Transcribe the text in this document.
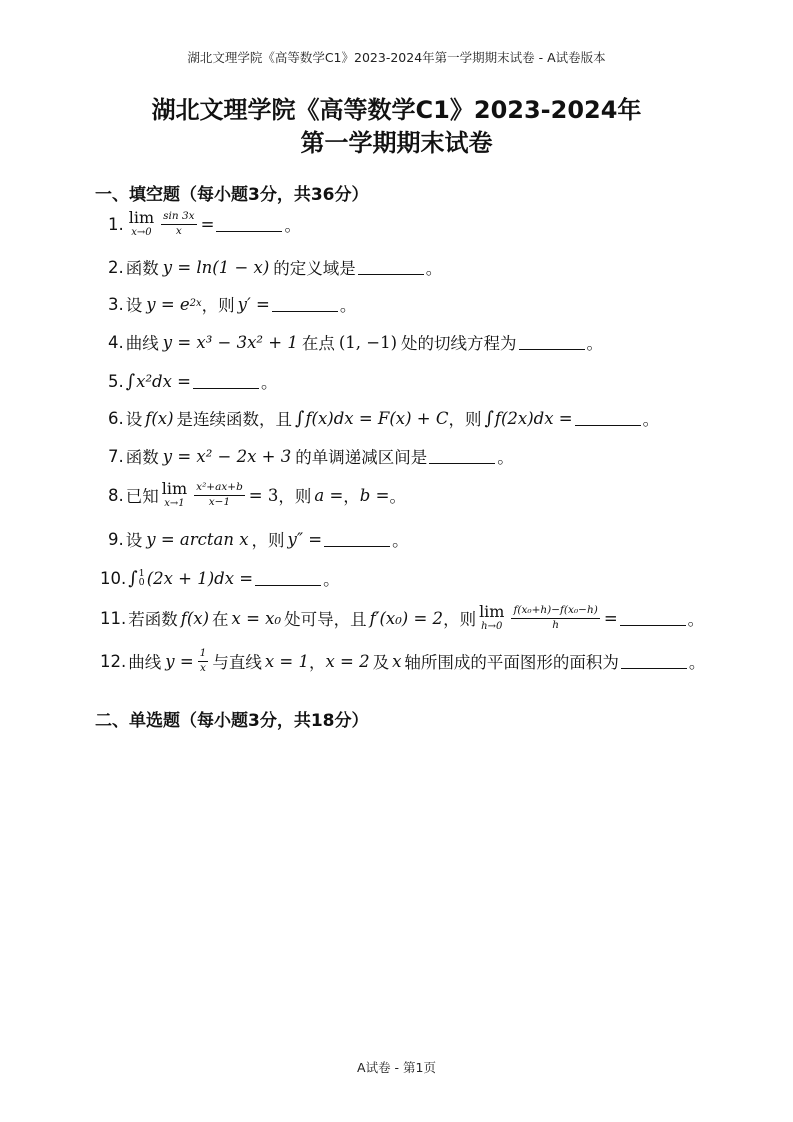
湖北文理学院《高等数学C1》2023-2024年第一学期期末试卷 - A试卷版本
湖北文理学院《高等数学C1》2023-2024年
第一学期期末试卷
一、填空题（每小题3分，共36分）
1. lim
$x\to 0 \frac{\sin 3x}{x}$ =	。
2. 函数 y = ln(1 − x) 的定义域是	。
3. 设 y = e 2x ，则 y′ =	。
4. 曲线 y = x³ − 3x² + 1 在点 (1, −1) 处的切线方程为	。
5. ∫ x²dx =	。
6. 设 f(x) 是连续函数，且 ∫ f(x)dx = F(x) + C ，则 ∫ f(2x)dx =	。
7. 函数 y = x² − 2x + 3 的单调递减区间是	。
8. 已知 lim
$x\to 1 \frac{\text{x²+ax+b}}{x-1} = 3$ ，则 a = ， b = 。
9. 设 y = arctan x ，则 y″ =	。
10. ∫ 1
0 (2x + 1)dx =	。
11. 若函数 f(x) 在 x = x₀ 处可导，且 f′(x₀) = 2 ，则 lim
$h\to 0 \frac{\text{f(x₀+h)−f(x₀−h)}}{h}$ =	。
12. 曲线 $y = \frac{1}{x}$ 与直线 x = 1 ， x = 2 及 x 轴所围成的平面图形的面积为	。
二、单选题（每小题3分，共18分）
A试卷 - 第1页
